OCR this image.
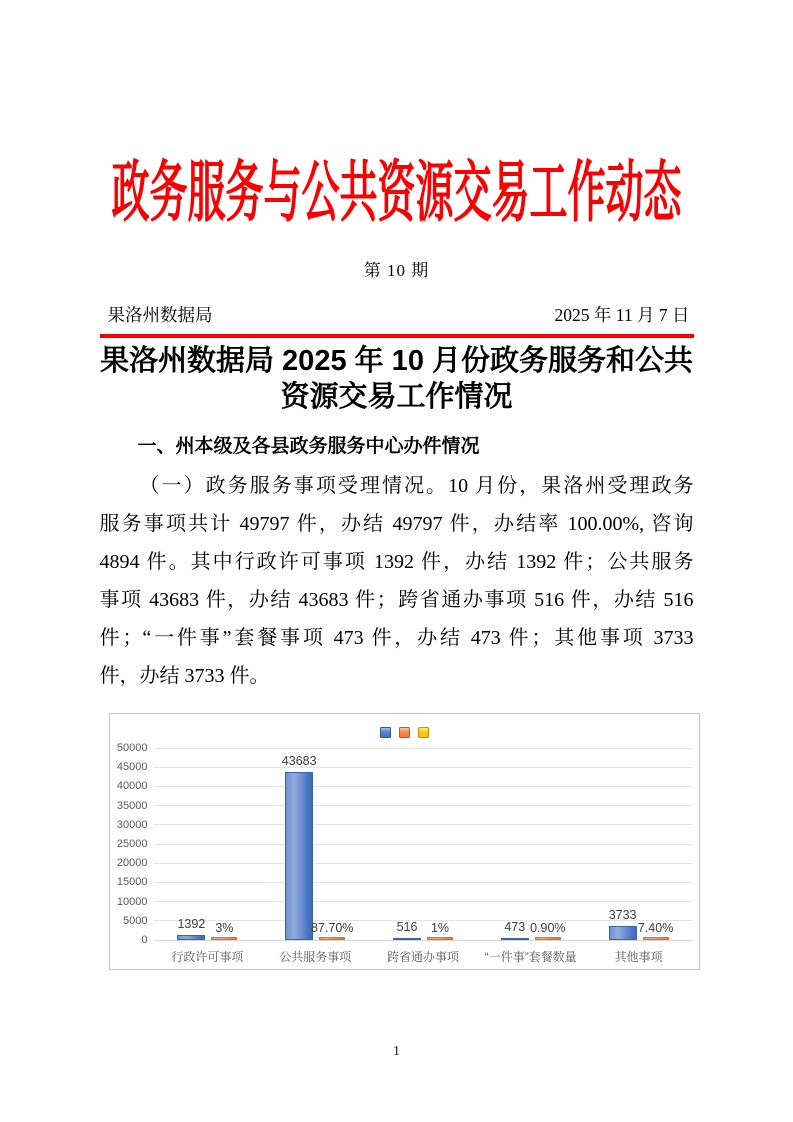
政务服务与公共资源交易工作动态
第 10 期
果洛州数据局	2025 年 11 月 7 日
果洛州数据局 2025 年 10 月份政务服务和公共
资源交易工作情况
一、州本级及各县政务服务中心办件情况
（一）政务服务事项受理情况。10 月份，果洛州受理政务
服务事项共计 49797 件，办结 49797 件，办结率 100.00%, 咨询
4894 件。其中行政许可事项 1392 件，办结 1392 件；公共服务
事项 43683 件，办结 43683 件；跨省通办事项 516 件，办结 516
件；“一件事”套餐事项 473 件，办结 473 件；其他事项 3733
件，办结 3733 件。
0
5000
10000
15000
20000
25000
30000
35000
40000
45000
50000
1392 3%
行政许可事项
43683
87.70%
公共服务事项
516	1%
跨省通办事项
473 0.90%
“一件事”套餐数量
3733
7.40%
其他事项
1
